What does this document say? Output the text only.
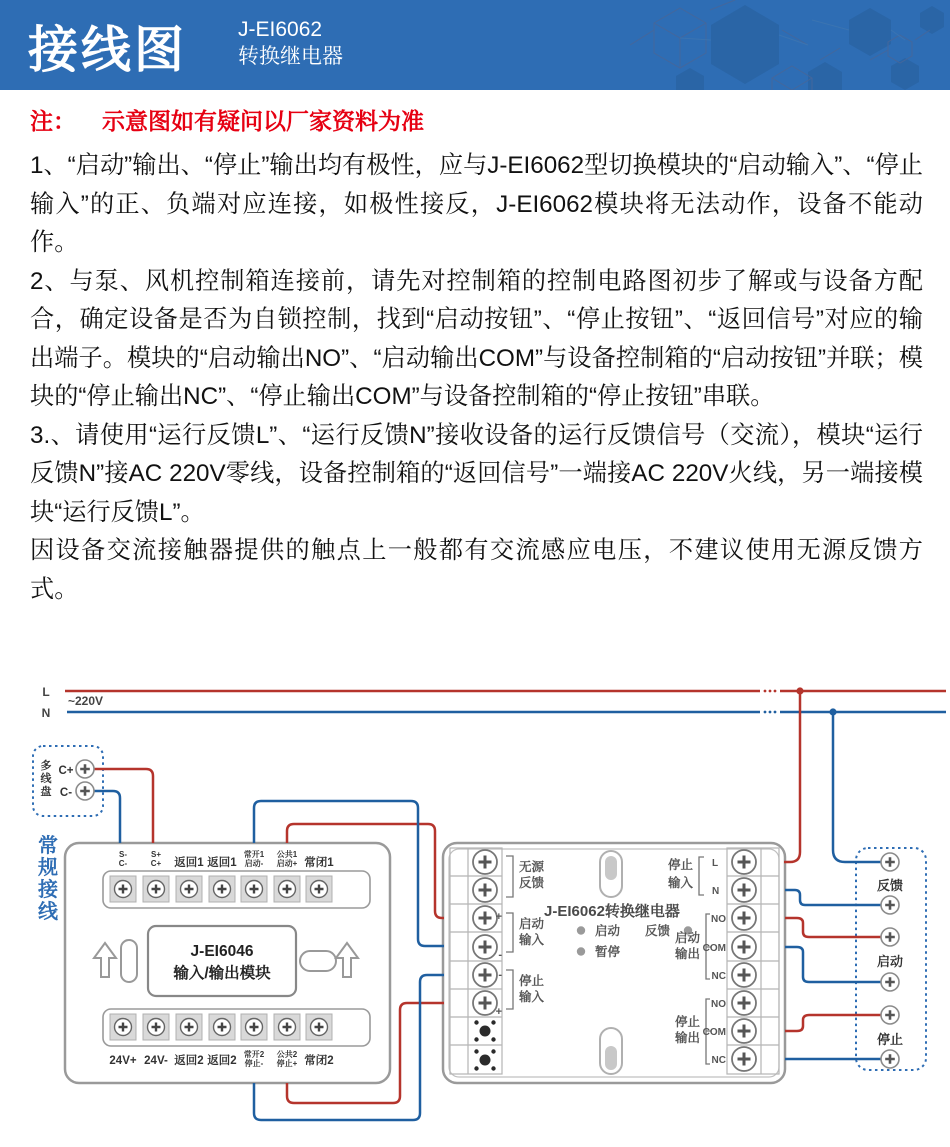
接线图 J-EI6062
转换继电器
注： 示意图如有疑问以厂家资料为准

1、“启动”输出、“停止”输出均有极性，应与J-EI6062型切换模块的“启动输入”、“停止输入”的正、负端对应连接，如极性接反，J-EI6062模块将无法动作，设备不能动作。

2、与泵、风机控制箱连接前，请先对控制箱的控制电路图初步了解或与设备方配合，确定设备是否为自锁控制，找到“启动按钮”、“停止按钮”、“返回信号”对应的输出端子。模块的“启动输出NO”、“启动输出COM”与设备控制箱的“启动按钮”并联；模块的“停止输出NC”、“停止输出COM”与设备控制箱的“停止按钮”串联。

3.、请使用“运行反馈L”、“运行反馈N”接收设备的运行反馈信号（交流），模块“运行反馈N”接AC 220V零线，设备控制箱的“返回信号”一端接AC 220V火线，另一端接模块“运行反馈L”。

因设备交流接触器提供的触点上一般都有交流感应电压，不建议使用无源反馈方式。

L
N
~220V
多
线
盘
C+
C-
常
规
接
线
S-
C-
S+
C+ 返回1 返回1
常开1
启动-
公共1
启动+ 常闭1
J-EI6046
输入/输出模块
24V+ 24V- 返回2 返回2
常开2
停止-
公共2
停止+ 常闭2
J-EI6062转换继电器
启动 反馈
暂停
无源
反馈
+
-
启动
输入
-
+
停止
输入
停止
输入
L
N
启动
输出
NO
COM
NC
停止
输出
NO
COM
NC
反馈
启动
停止
